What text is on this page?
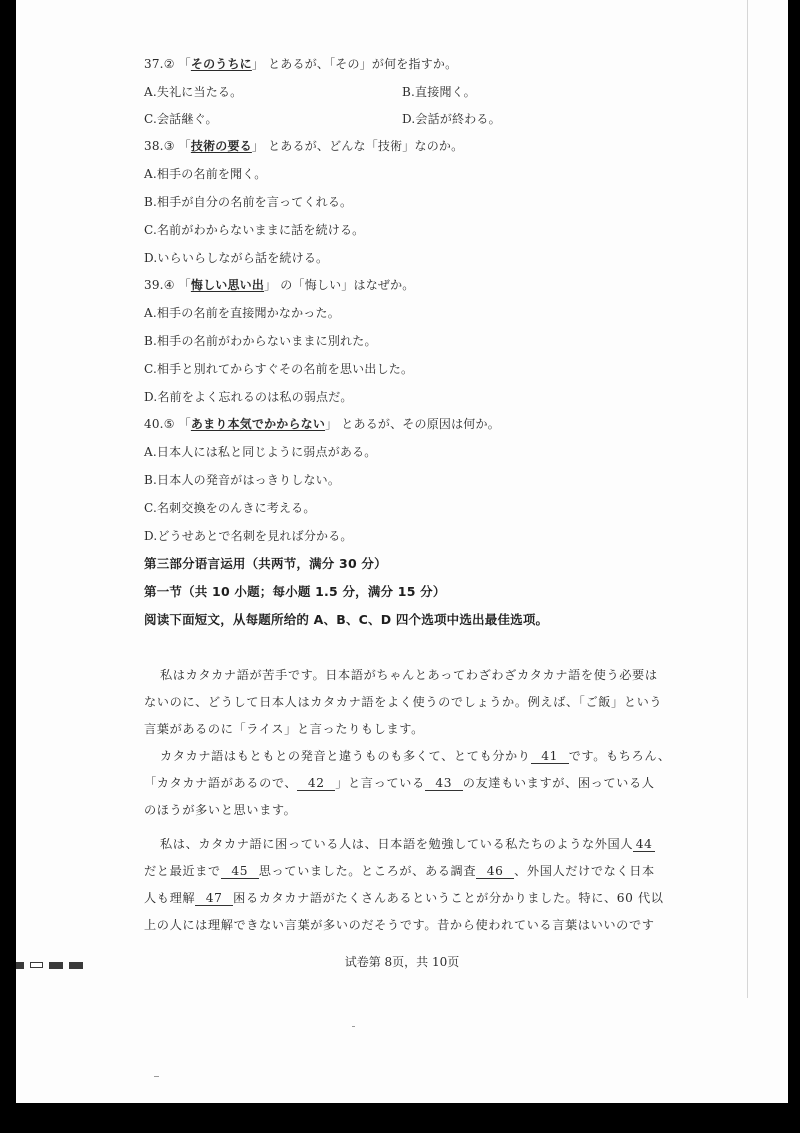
37.② 「そのうちに」 とあるが、「その」が何を指すか。
A.失礼に当たる。	B.直接聞く。
C.会話継ぐ。	D.会話が終わる。
38.③ 「技術の要る」 とあるが、どんな「技術」なのか。
A.相手の名前を聞く。
B.相手が自分の名前を言ってくれる。
C.名前がわからないままに話を続ける。
D.いらいらしながら話を続ける。
39.④ 「悔しい思い出」 の「悔しい」はなぜか。
A.相手の名前を直接聞かなかった。
B.相手の名前がわからないままに別れた。
C.相手と別れてからすぐその名前を思い出した。
D.名前をよく忘れるのは私の弱点だ。
40.⑤ 「あまり本気でかからない」 とあるが、その原因は何か。
A.日本人には私と同じように弱点がある。
B.日本人の発音がはっきりしない。
C.名刺交換をのんきに考える。
D.どうせあとで名刺を見れば分かる。
第三部分语言运用（共两节，满分 30 分）
第一节（共 10 小题；每小题 1.5 分，满分 15 分）
阅读下面短文，从每题所给的 A、B、C、D 四个选项中选出最佳选项。
私はカタカナ語が苦手です。日本語がちゃんとあってわざわざカタカナ語を使う必要は
ないのに、どうして日本人はカタカナ語をよく使うのでしょうか。例えば、「ご飯」という
言葉があるのに「ライス」と言ったりもします。
カタカナ語はもともとの発音と違うものも多くて、とても分かり 41 です。もちろん、
「カタカナ語があるので、 42 」と言っている 43 の友達もいますが、困っている人
のほうが多いと思います。
私は、カタカナ語に困っている人は、日本語を勉強している私たちのような外国人 44
だと最近まで 45 思っていました。ところが、ある調査 46 、外国人だけでなく日本
人も理解 47 困るカタカナ語がたくさんあるということが分かりました。特に、60 代以
上の人には理解できない言葉が多いのだそうです。昔から使われている言葉はいいのです
试卷第 8页，共 10页
